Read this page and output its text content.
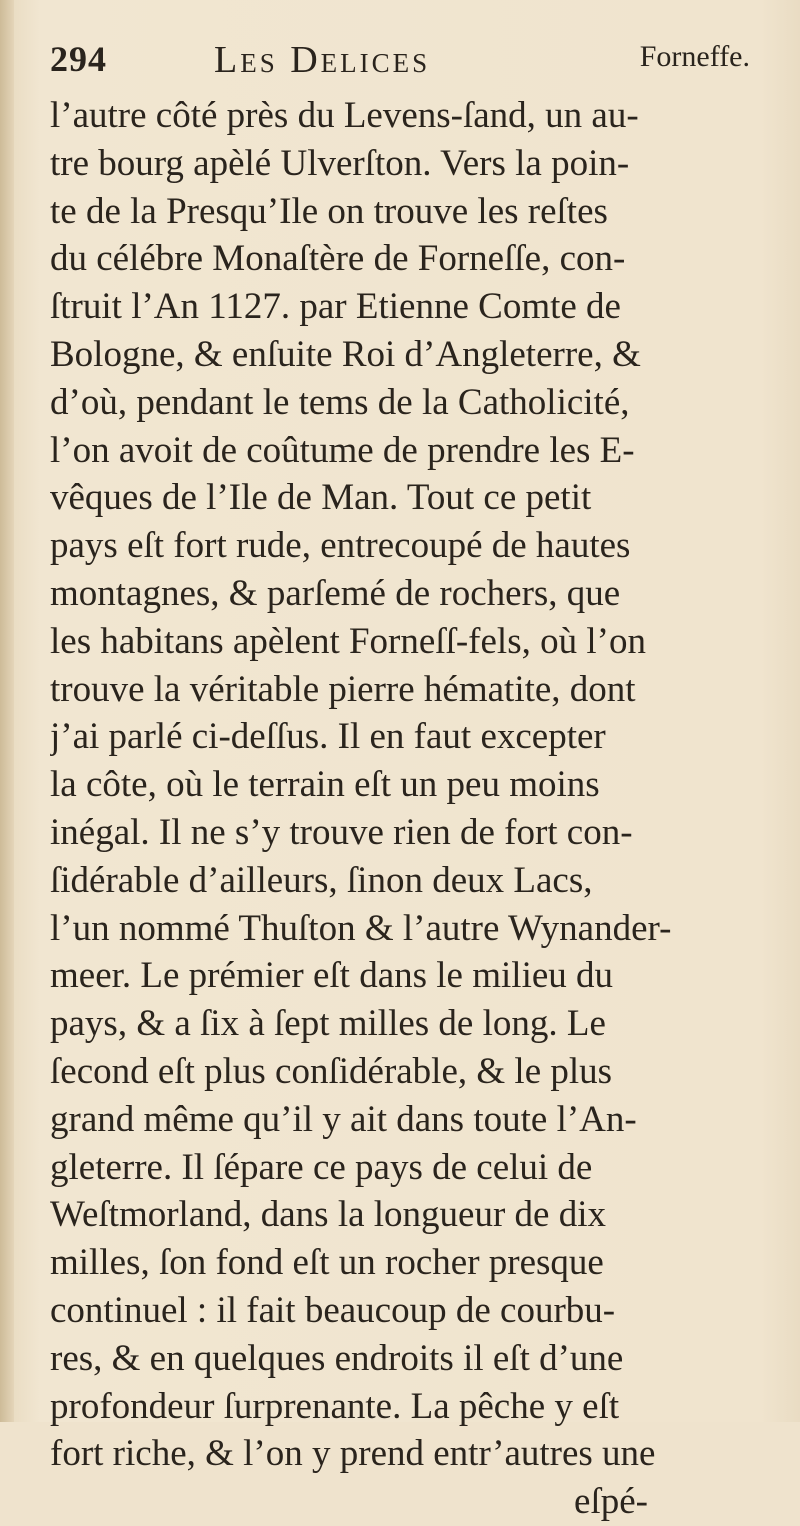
294	Les Delices	Forneffe.
l’autre côté près du Levens-ſand, un au-
tre bourg apèlé Ulverſton. Vers la poin-
te de la Presqu’Ile on trouve les reſtes
du célébre Monaſtère de Forneſſe, con-
ſtruit l’An 1127. par Etienne Comte de
Bologne, & enſuite Roi d’Angleterre, &
d’où, pendant le tems de la Catholicité,
l’on avoit de coûtume de prendre les E-
vêques de l’Ile de Man. Tout ce petit
pays eſt fort rude, entrecoupé de hautes
montagnes, & parſemé de rochers, que
les habitans apèlent Forneſſ-fels, où l’on
trouve la véritable pierre hématite, dont
j’ai parlé ci-deſſus. Il en faut excepter
la côte, où le terrain eſt un peu moins
inégal. Il ne s’y trouve rien de fort con-
ſidérable d’ailleurs, ſinon deux Lacs,
l’un nommé Thuſton & l’autre Wynander-
meer. Le prémier eſt dans le milieu du
pays, & a ſix à ſept milles de long. Le
ſecond eſt plus conſidérable, & le plus
grand même qu’il y ait dans toute l’An-
gleterre. Il ſépare ce pays de celui de
Weſtmorland, dans la longueur de dix
milles, ſon fond eſt un rocher presque
continuel : il fait beaucoup de courbu-
res, & en quelques endroits il eſt d’une
profondeur ſurprenante. La pêche y eſt
fort riche, & l’on y prend entr’autres une
eſpé-
